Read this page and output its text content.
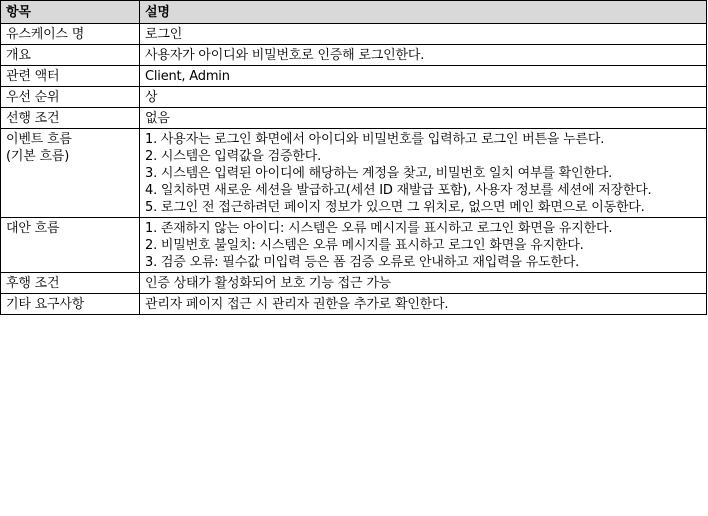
항목	설명
유스케이스 명	로그인
개요	사용자가 아이디와 비밀번호로 인증해 로그인한다.
관련 액터	Client, Admin
우선 순위	상
선행 조건	없음

이벤트 흐름
(기본 흐름)	1. 사용자는 로그인 화면에서 아이디와 비밀번호를 입력하고 로그인 버튼을 누른다.
2. 시스템은 입력값을 검증한다.
3. 시스템은 입력된 아이디에 해당하는 계정을 찾고, 비밀번호 일치 여부를 확인한다.
4. 일치하면 새로운 세션을 발급하고(세션 ID 재발급 포함), 사용자 정보를 세션에 저장한다.
5. 로그인 전 접근하려던 페이지 정보가 있으면 그 위치로, 없으면 메인 화면으로 이동한다.

대안 흐름	1. 존재하지 않는 아이디: 시스템은 오류 메시지를 표시하고 로그인 화면을 유지한다.
2. 비밀번호 불일치: 시스템은 오류 메시지를 표시하고 로그인 화면을 유지한다.
3. 검증 오류: 필수값 미입력 등은 폼 검증 오류로 안내하고 재입력을 유도한다.

후행 조건	인증 상태가 활성화되어 보호 기능 접근 가능
기타 요구사항	관리자 페이지 접근 시 관리자 권한을 추가로 확인한다.
